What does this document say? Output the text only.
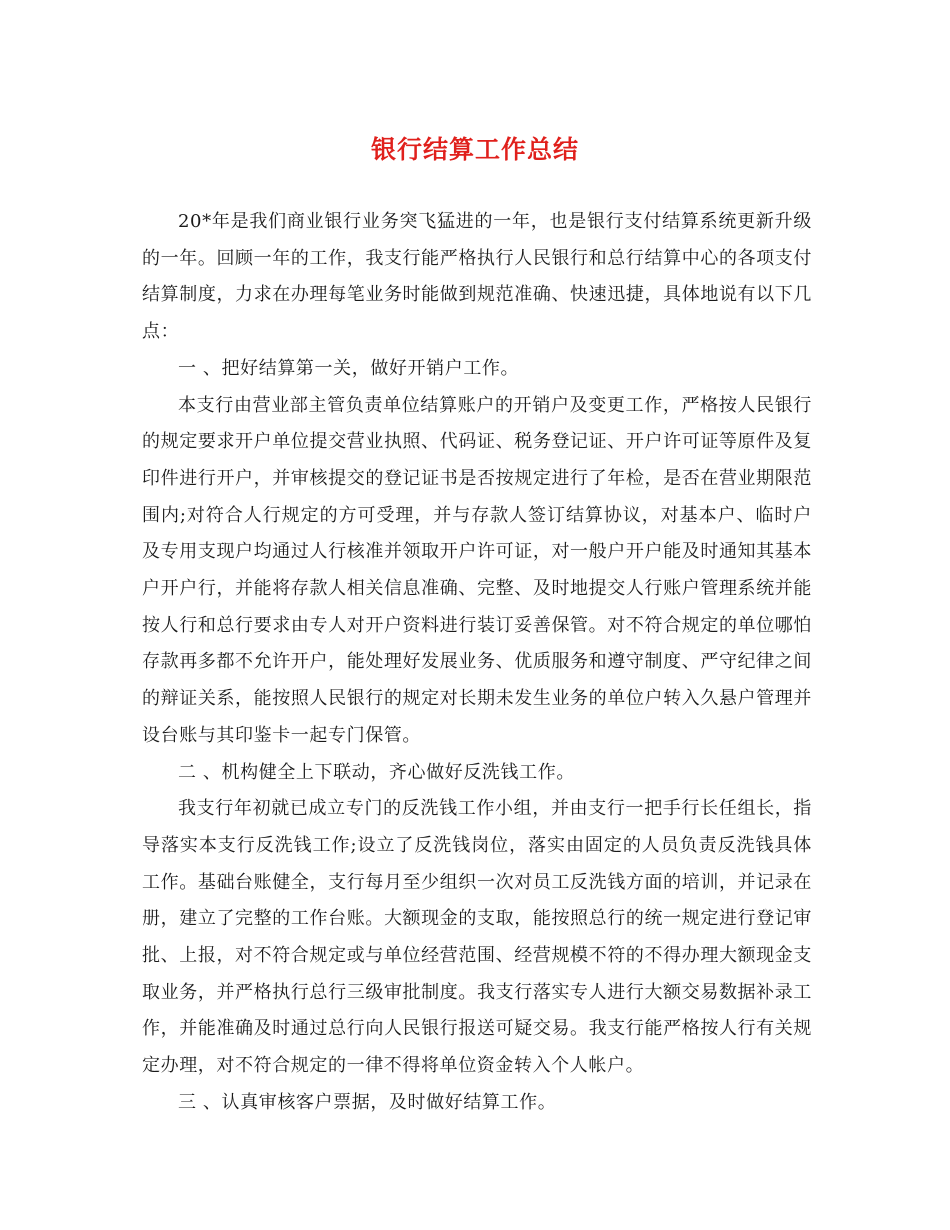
银行结算工作总结

20*年是我们商业银行业务突飞猛进的一年，也是银行支付结算系统更新升级的一年。回顾一年的工作，我支行能严格执行人民银行和总行结算中心的各项支付结算制度，力求在办理每笔业务时能做到规范准确、快速迅捷，具体地说有以下几点：

一 、把好结算第一关，做好开销户工作。

本支行由营业部主管负责单位结算账户的开销户及变更工作，严格按人民银行的规定要求开户单位提交营业执照、代码证、税务登记证、开户许可证等原件及复印件进行开户，并审核提交的登记证书是否按规定进行了年检，是否在营业期限范围内;对符合人行规定的方可受理，并与存款人签订结算协议，对基本户、临时户及专用支现户均通过人行核准并领取开户许可证，对一般户开户能及时通知其基本户开户行，并能将存款人相关信息准确、完整、及时地提交人行账户管理系统并能按人行和总行要求由专人对开户资料进行装订妥善保管。对不符合规定的单位哪怕存款再多都不允许开户，能处理好发展业务、优质服务和遵守制度、严守纪律之间的辩证关系，能按照人民银行的规定对长期未发生业务的单位户转入久悬户管理并设台账与其印鉴卡一起专门保管。

二 、机构健全上下联动，齐心做好反洗钱工作。

我支行年初就已成立专门的反洗钱工作小组，并由支行一把手行长任组长，指导落实本支行反洗钱工作;设立了反洗钱岗位，落实由固定的人员负责反洗钱具体工作。基础台账健全，支行每月至少组织一次对员工反洗钱方面的培训，并记录在册，建立了完整的工作台账。大额现金的支取，能按照总行的统一规定进行登记审批、上报，对不符合规定或与单位经营范围、经营规模不符的不得办理大额现金支取业务，并严格执行总行三级审批制度。我支行落实专人进行大额交易数据补录工作，并能准确及时通过总行向人民银行报送可疑交易。我支行能严格按人行有关规定办理，对不符合规定的一律不得将单位资金转入个人帐户。

三 、认真审核客户票据，及时做好结算工作。
